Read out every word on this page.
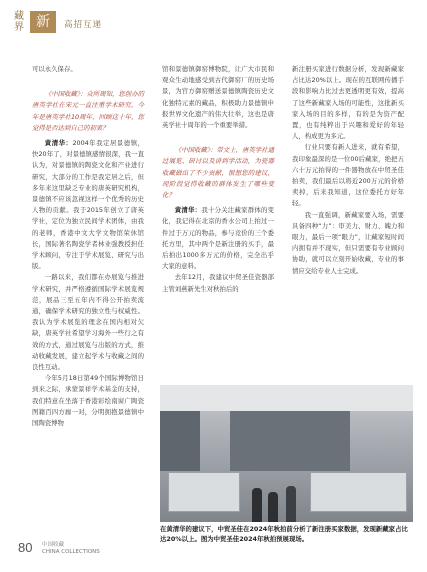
藏界 新态
高招互递

可以永久保存。

《中国收藏》：众所周知，您创办的唐英学社在宋元一直注重学术研究，今年是唐英学社10周年，回顾这十年，您觉得是否达到自己的初衷？

黄清华：2004年我定居景德镇，快20年了，对景德镇感情很深，我一直认为，对景德镇的陶瓷文化和产业进行研究，大部分的工作是我定居之后，但多年来这里缺乏专业的唐英研究机构，景德镇不应该忽视这样一个优秀的历史人物的贡献。我于2015年创立了唐英学社，定位为独立民间学术团体，由我的老师，香港中文大学文物馆荣休馆长，国际著名陶瓷学者林业强教授担任学术顾问，专注于学术展览、研究与出版。

一路以来，我们都在办展览与推进学术研究，并严格遵循国际学术展览规范，展品三至五年内不得公开拍卖流通，确保学术研究的独立性与权威性。我认为学术展览的理念在国内相对欠缺，唐英学社希望学习海外一些行之有效的方式，通过展览与出版的方式，推动收藏发展，建立起学术与收藏之间的良性互动。

今年5月18日第49个国际博物馆日到来之际，承蒙景祥学术基金的支持，我们特意在坐落于香港彩绘南窗广陶瓷图籍百四方廊一对，分明拥抱景德镇中国陶瓷博物

馆和景德镇御窑博物院，让广大市民和观众生动地感受到古代御窑厂的历史场景，为官方御窑赠送景德镇陶瓷历史文化独特元素的藏品，积极助力景德镇申报世界文化遗产的伟大壮举，这也是唐英学社十周年的一个重要举措。

《中国收藏》：带文上，唐英学社通过展览、研讨以及讲到学活动，为瓷器收藏做出了不少贡献，很想您的建议，现阶段觉得收藏的群体发生了哪些变化？

黄清华：我十分关注藏家群体的变化，我记得在北京的香水公司上拍过一件过于万元的物品，参与竞价的三个委托方里，其中两个是新注册的买手，最后拍出1000多万元的价格，完全出乎大家的意料。

去年12月，我建议中贸圣佳瓷器部主管刘燕新先生对秋拍后的

新注册买家进行数据分析，发现新藏家占比达20%以上。现在的互联网传播手段和影响力比过去更透明更有效，提高了这些新藏家入场的可能性，这批新买家入场的目的多样，有的是为资产配置，也有纯粹出于兴趣和爱好的年轻人，构成更为多元。

行业只要有新人进来，就有希望，我印象最深的是一位00后藏家，绝把五六十万元拍得的一件器物放在中贸圣佳拍卖，我们最后以将近200万元的价格卖掉，后来我知道，这位委托方好年轻。

我一直强调，新藏家要入场，需要具备四种“力”：审美力、财力、魄力和眼力，最后一项“眼力”，让藏家短时间内拥有并不现实，但只需要有专业顾问协助，就可以立刻开始收藏，专业的事情应交给专业人士完成。

在黄清华的建议下，中贸圣佳在2024年秋拍前分析了新注册买家数据，发现新藏家占比达20%以上。图为中贸圣佳2024年秋拍预展现场。
80 中国收藏
CHINA COLLECTIONS
